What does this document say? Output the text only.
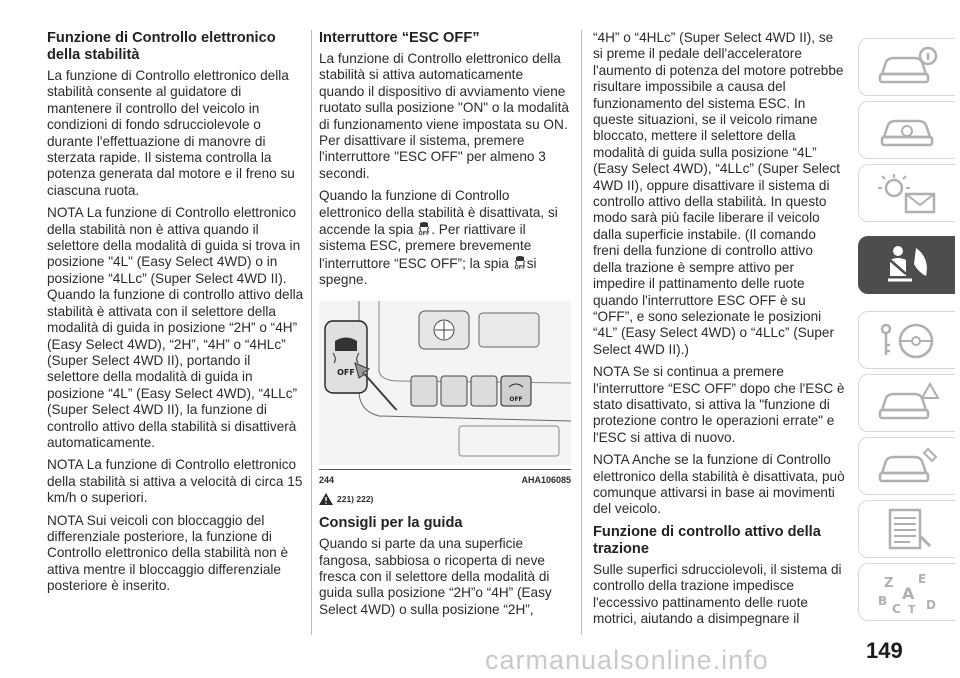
Funzione di Controllo elettronico della stabilità

La funzione di Controllo elettronico della stabilità consente al guidatore di mantenere il controllo del veicolo in condizioni di fondo sdrucciolevole o durante l'effettuazione di manovre di sterzata rapide. Il sistema controlla la potenza generata dal motore e il freno su ciascuna ruota.

NOTA La funzione di Controllo elettronico della stabilità non è attiva quando il selettore della modalità di guida si trova in posizione "4L" (Easy Select 4WD) o in posizione “4LLc” (Super Select 4WD II). Quando la funzione di controllo attivo della stabilità è attivata con il selettore della modalità di guida in posizione “2H” o “4H” (Easy Select 4WD), “2H”, “4H” o “4HLc” (Super Select 4WD II), portando il selettore della modalità di guida in posizione “4L” (Easy Select 4WD), “4LLc” (Super Select 4WD II), la funzione di controllo attivo della stabilità si disattiverà automaticamente.

NOTA La funzione di Controllo elettronico della stabilità si attiva a velocità di circa 15 km/h o superiori.

NOTA Sui veicoli con bloccaggio del differenziale posteriore, la funzione di Controllo elettronico della stabilità non è attiva mentre il bloccaggio differenziale posteriore è inserito.

Interruttore “ESC OFF”

La funzione di Controllo elettronico della stabilità si attiva automaticamente quando il dispositivo di avviamento viene ruotato sulla posizione "ON" o la modalità di funzionamento viene impostata su ON. Per disattivare il sistema, premere l'interruttore "ESC OFF" per almeno 3 secondi.

Quando la funzione di Controllo elettronico della stabilità è disattivata, si accende la spia OFF . Per riattivare il sistema ESC, premere brevemente l'interruttore “ESC OFF”; la spia OFF si spegne.

OFF
OFF
244	AHA106085
221) 222)
Consigli per la guida

Quando si parte da una superficie fangosa, sabbiosa o ricoperta di neve fresca con il selettore della modalità di guida sulla posizione “2H”o “4H” (Easy Select 4WD) o sulla posizione “2H”,

“4H” o “4HLc” (Super Select 4WD II), se si preme il pedale dell'acceleratore l'aumento di potenza del motore potrebbe risultare impossibile a causa del funzionamento del sistema ESC. In queste situazioni, se il veicolo rimane bloccato, mettere il selettore della modalità di guida sulla posizione “4L” (Easy Select 4WD), “4LLc” (Super Select 4WD II), oppure disattivare il sistema di controllo attivo della stabilità. In questo modo sarà più facile liberare il veicolo dalla superficie instabile. (Il comando freni della funzione di controllo attivo della trazione è sempre attivo per impedire il pattinamento delle ruote quando l'interruttore ESC OFF è su “OFF”, e sono selezionate le posizioni “4L” (Easy Select 4WD) o “4LLc” (Super Select 4WD II).)

NOTA Se si continua a premere l'interruttore “ESC OFF” dopo che l'ESC è stato disattivato, si attiva la "funzione di protezione contro le operazioni errate" e l'ESC si attiva di nuovo.

NOTA Anche se la funzione di Controllo elettronico della stabilità è disattivata, può comunque attivarsi in base ai movimenti del veicolo.

Funzione di controllo attivo della trazione

Sulle superfici sdrucciolevoli, il sistema di controllo della trazione impedisce l'eccessivo pattinamento delle ruote motrici, aiutando a disimpegnare il

Z E
A
B
C T D
149
carmanualsonline.info
